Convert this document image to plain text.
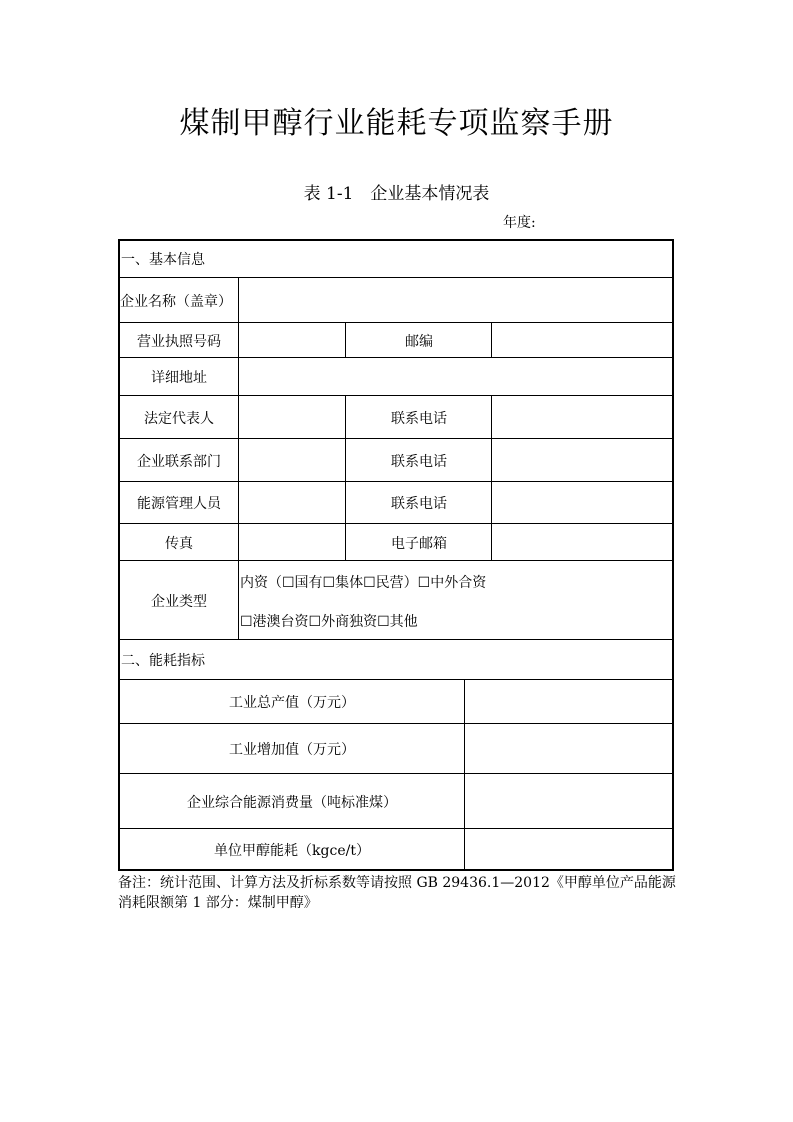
煤制甲醇行业能耗专项监察手册
表 1-1　企业基本情况表
年度:
一、基本信息
企业名称（盖章）
营业执照号码	邮编
详细地址
法定代表人	联系电话
企业联系部门	联系电话
能源管理人员	联系电话
传真	电子邮箱
企业类型
内资（☐国有☐集体☐民营）☐中外合资
☐港澳台资☐外商独资☐其他
二、能耗指标
工业总产值（万元）
工业增加值（万元）
企业综合能源消费量（吨标准煤）
单位甲醇能耗（kgce/t）
备注：统计范围、计算方法及折标系数等请按照 GB 29436.1—2012《甲醇单位产品能源消耗限额第 1 部分：煤制甲醇》
